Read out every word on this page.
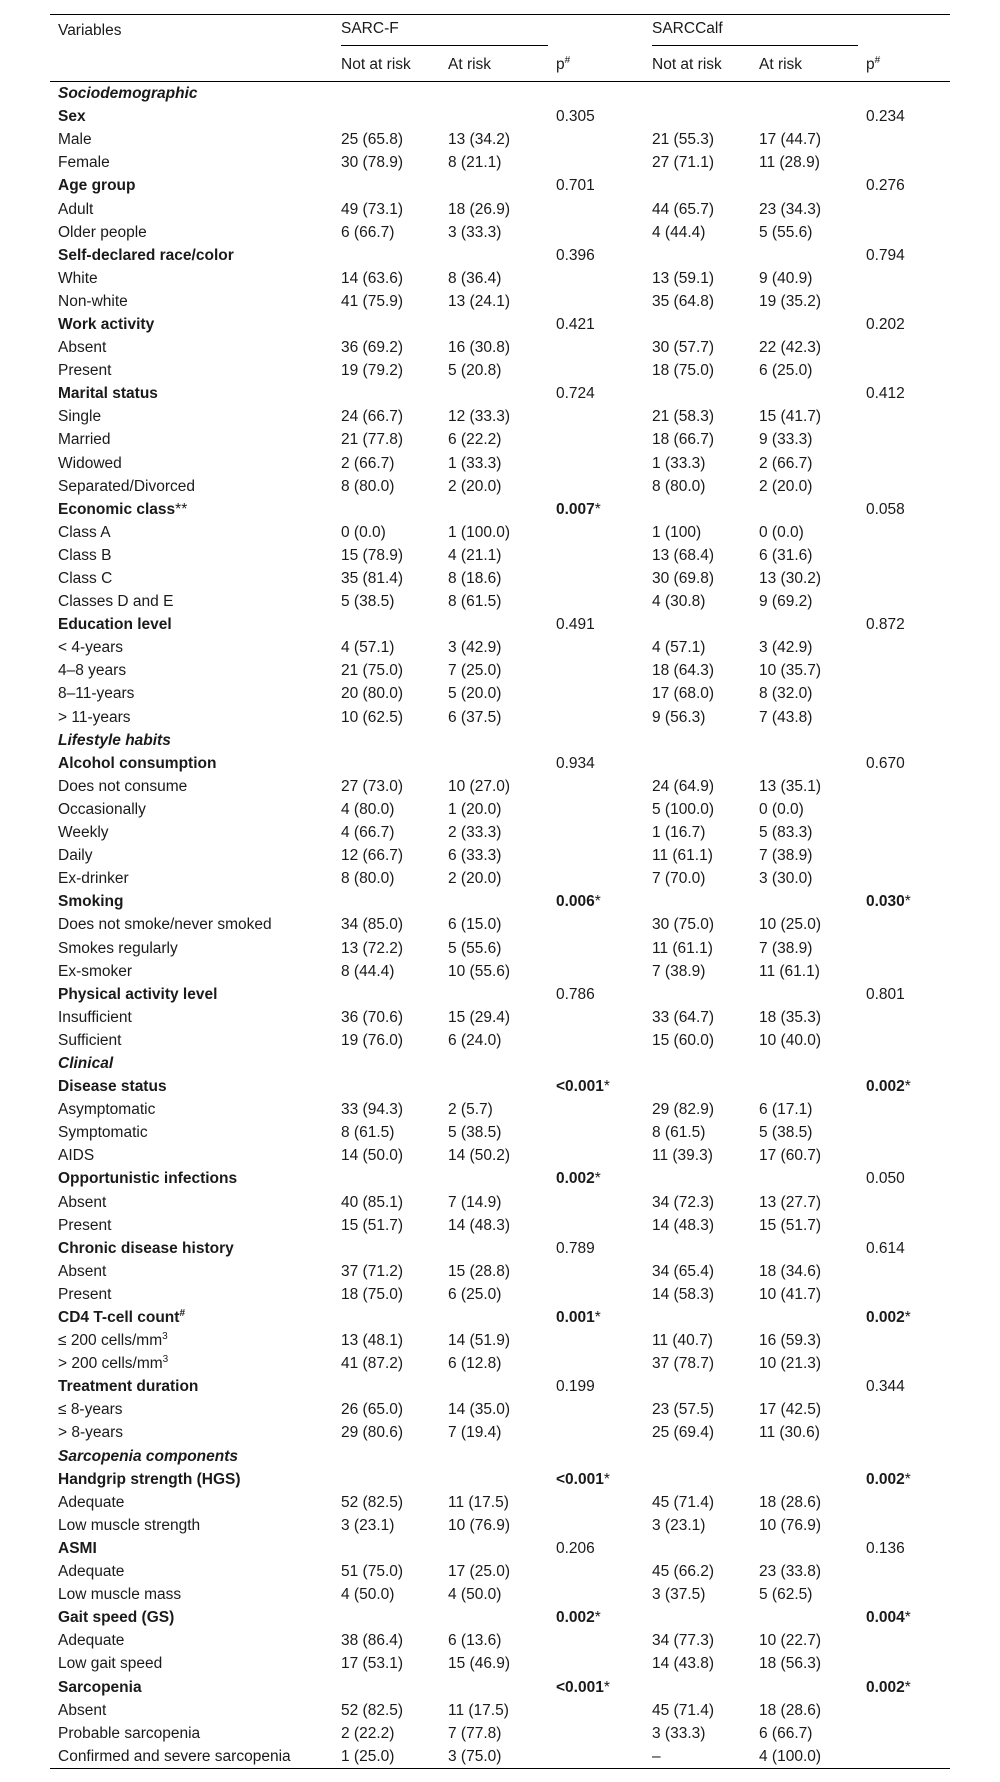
Variables	SARC-F			SARCCalf		

	Not at risk	At risk	p#	Not at risk	At risk	p#
Sociodemographic						
Sex			0.305			0.234
Male	25 (65.8)	13 (34.2)		21 (55.3)	17 (44.7)	
Female	30 (78.9)	8 (21.1)		27 (71.1)	11 (28.9)	
Age group			0.701			0.276
Adult	49 (73.1)	18 (26.9)		44 (65.7)	23 (34.3)	
Older people	6 (66.7)	3 (33.3)		4 (44.4)	5 (55.6)	
Self-declared race/color			0.396			0.794
White	14 (63.6)	8 (36.4)		13 (59.1)	9 (40.9)	
Non-white	41 (75.9)	13 (24.1)		35 (64.8)	19 (35.2)	
Work activity			0.421			0.202
Absent	36 (69.2)	16 (30.8)		30 (57.7)	22 (42.3)	
Present	19 (79.2)	5 (20.8)		18 (75.0)	6 (25.0)	
Marital status			0.724			0.412
Single	24 (66.7)	12 (33.3)		21 (58.3)	15 (41.7)	
Married	21 (77.8)	6 (22.2)		18 (66.7)	9 (33.3)	
Widowed	2 (66.7)	1 (33.3)		1 (33.3)	2 (66.7)	
Separated/Divorced	8 (80.0)	2 (20.0)		8 (80.0)	2 (20.0)	
Economic class**			0.007*			0.058
Class A	0 (0.0)	1 (100.0)		1 (100)	0 (0.0)	
Class B	15 (78.9)	4 (21.1)		13 (68.4)	6 (31.6)	
Class C	35 (81.4)	8 (18.6)		30 (69.8)	13 (30.2)	
Classes D and E	5 (38.5)	8 (61.5)		4 (30.8)	9 (69.2)	
Education level			0.491			0.872
< 4-years	4 (57.1)	3 (42.9)		4 (57.1)	3 (42.9)	
4–8 years	21 (75.0)	7 (25.0)		18 (64.3)	10 (35.7)	
8–11-years	20 (80.0)	5 (20.0)		17 (68.0)	8 (32.0)	
> 11-years	10 (62.5)	6 (37.5)		9 (56.3)	7 (43.8)	
Lifestyle habits						
Alcohol consumption			0.934			0.670
Does not consume	27 (73.0)	10 (27.0)		24 (64.9)	13 (35.1)	
Occasionally	4 (80.0)	1 (20.0)		5 (100.0)	0 (0.0)	
Weekly	4 (66.7)	2 (33.3)		1 (16.7)	5 (83.3)	
Daily	12 (66.7)	6 (33.3)		11 (61.1)	7 (38.9)	
Ex-drinker	8 (80.0)	2 (20.0)		7 (70.0)	3 (30.0)	
Smoking			0.006*			0.030*
Does not smoke/never smoked	34 (85.0)	6 (15.0)		30 (75.0)	10 (25.0)	
Smokes regularly	13 (72.2)	5 (55.6)		11 (61.1)	7 (38.9)	
Ex-smoker	8 (44.4)	10 (55.6)		7 (38.9)	11 (61.1)	
Physical activity level			0.786			0.801
Insufficient	36 (70.6)	15 (29.4)		33 (64.7)	18 (35.3)	
Sufficient	19 (76.0)	6 (24.0)		15 (60.0)	10 (40.0)	
Clinical						
Disease status			<0.001*			0.002*
Asymptomatic	33 (94.3)	2 (5.7)		29 (82.9)	6 (17.1)	
Symptomatic	8 (61.5)	5 (38.5)		8 (61.5)	5 (38.5)	
AIDS	14 (50.0)	14 (50.2)		11 (39.3)	17 (60.7)	
Opportunistic infections			0.002*			0.050
Absent	40 (85.1)	7 (14.9)		34 (72.3)	13 (27.7)	
Present	15 (51.7)	14 (48.3)		14 (48.3)	15 (51.7)	
Chronic disease history			0.789			0.614
Absent	37 (71.2)	15 (28.8)		34 (65.4)	18 (34.6)	
Present	18 (75.0)	6 (25.0)		14 (58.3)	10 (41.7)	
CD4 T-cell count#			0.001*			0.002*
≤ 200 cells/$mm^3$	13 (48.1)	14 (51.9)		11 (40.7)	16 (59.3)	
> 200 cells/$mm^3$	41 (87.2)	6 (12.8)		37 (78.7)	10 (21.3)	
Treatment duration			0.199			0.344
≤ 8-years	26 (65.0)	14 (35.0)		23 (57.5)	17 (42.5)	
> 8-years	29 (80.6)	7 (19.4)		25 (69.4)	11 (30.6)	
Sarcopenia components						
Handgrip strength (HGS)			<0.001*			0.002*
Adequate	52 (82.5)	11 (17.5)		45 (71.4)	18 (28.6)	
Low muscle strength	3 (23.1)	10 (76.9)		3 (23.1)	10 (76.9)	
ASMI			0.206			0.136
Adequate	51 (75.0)	17 (25.0)		45 (66.2)	23 (33.8)	
Low muscle mass	4 (50.0)	4 (50.0)		3 (37.5)	5 (62.5)	
Gait speed (GS)			0.002*			0.004*
Adequate	38 (86.4)	6 (13.6)		34 (77.3)	10 (22.7)	
Low gait speed	17 (53.1)	15 (46.9)		14 (43.8)	18 (56.3)	
Sarcopenia			<0.001*			0.002*
Absent	52 (82.5)	11 (17.5)		45 (71.4)	18 (28.6)	
Probable sarcopenia	2 (22.2)	7 (77.8)		3 (33.3)	6 (66.7)	
Confirmed and severe sarcopenia	1 (25.0)	3 (75.0)		–	4 (100.0)	
